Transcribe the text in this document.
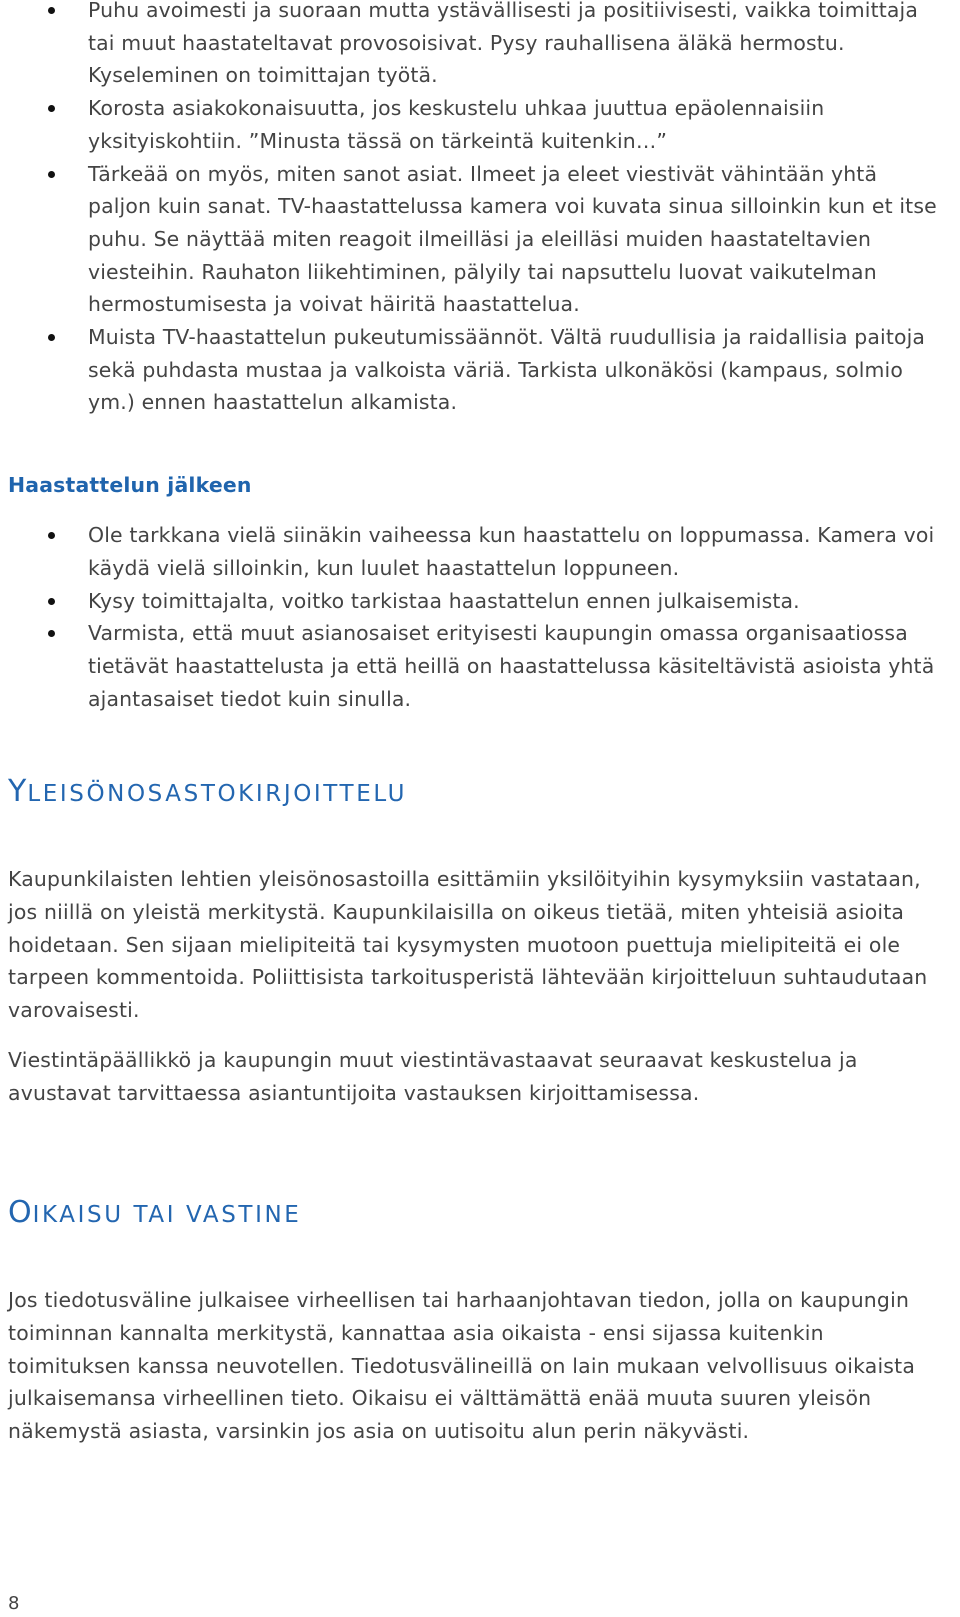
Puhu avoimesti ja suoraan mutta ystävällisesti ja positiivisesti, vaikka toimittaja tai muut haastateltavat provosoisivat. Pysy rauhallisena äläkä hermostu. Kyseleminen on toimittajan työtä.
Korosta asiakokonaisuutta, jos keskustelu uhkaa juuttua epäolennaisiin yksityiskohtiin. ”Minusta tässä on tärkeintä kuitenkin…”
Tärkeää on myös, miten sanot asiat. Ilmeet ja eleet viestivät vähintään yhtä paljon kuin sanat. TV-haastattelussa kamera voi kuvata sinua silloinkin kun et itse puhu. Se näyttää miten reagoit ilmeilläsi ja eleilläsi muiden haastateltavien viesteihin. Rauhaton liikehtiminen, pälyily tai napsuttelu luovat vaikutelman hermostumisesta ja voivat häiritä haastattelua.
Muista TV-haastattelun pukeutumissäännöt. Vältä ruudullisia ja raidallisia paitoja sekä puhdasta mustaa ja valkoista väriä. Tarkista ulkonäkösi (kampaus, solmio ym.) ennen haastattelun alkamista.
Haastattelun jälkeen
Ole tarkkana vielä siinäkin vaiheessa kun haastattelu on loppumassa. Kamera voi käydä vielä silloinkin, kun luulet haastattelun loppuneen.
Kysy toimittajalta, voitko tarkistaa haastattelun ennen julkaisemista.
Varmista, että muut asianosaiset erityisesti kaupungin omassa organisaatiossa tietävät haastattelusta ja että heillä on haastattelussa käsiteltävistä asioista yhtä ajantasaiset tiedot kuin sinulla.
YLEISÖNOSASTOKIRJOITTELU

Kaupunkilaisten lehtien yleisönosastoilla esittämiin yksilöityihin kysymyksiin vastataan, jos niillä on yleistä merkitystä. Kaupunkilaisilla on oikeus tietää, miten yhteisiä asioita hoidetaan. Sen sijaan mielipiteitä tai kysymysten muotoon puettuja mielipiteitä ei ole tarpeen kommentoida. Poliittisista tarkoitusperistä lähtevään kirjoitteluun suhtaudutaan varovaisesti.

Viestintäpäällikkö ja kaupungin muut viestintävastaavat seuraavat keskustelua ja avustavat tarvittaessa asiantuntijoita vastauksen kirjoittamisessa.

OIKAISU TAI VASTINE

Jos tiedotusväline julkaisee virheellisen tai harhaanjohtavan tiedon, jolla on kaupungin toiminnan kannalta merkitystä, kannattaa asia oikaista - ensi sijassa kuitenkin toimituksen kanssa neuvotellen. Tiedotusvälineillä on lain mukaan velvollisuus oikaista julkaisemansa virheellinen tieto. Oikaisu ei välttämättä enää muuta suuren yleisön näkemystä asiasta, varsinkin jos asia on uutisoitu alun perin näkyvästi.

8
